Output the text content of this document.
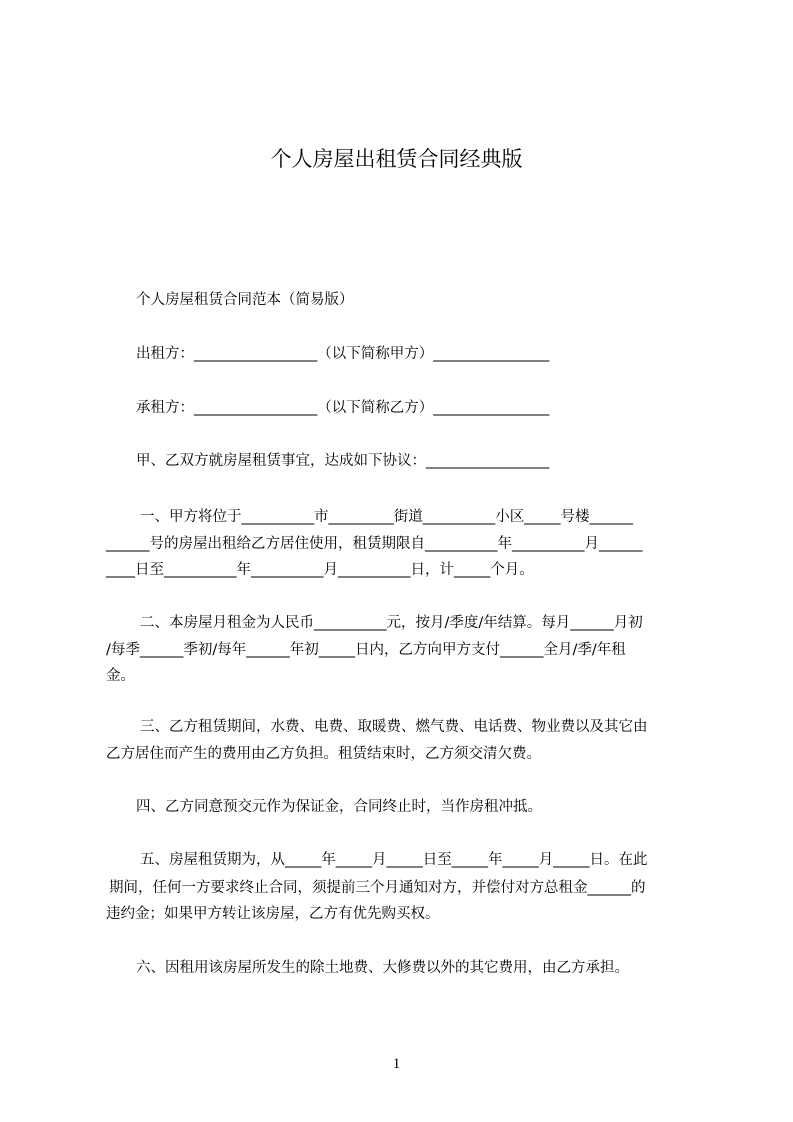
个人房屋出租赁合同经典版
个人房屋租赁合同范本（简易版）
出租方：_________________（以下简称甲方）________________
承租方：_________________（以下简称乙方）________________
甲、乙双方就房屋租赁事宜，达成如下协议：_________________
一、甲方将位于__________市_________街道__________小区_____号楼______
______号的房屋出租给乙方居住使用，租赁期限自__________年__________月______
____日至__________年__________月__________日，计_____个月。
二、本房屋月租金为人民币__________元，按月/季度/年结算。每月______月初
/每季______季初/每年______年初_____日内，乙方向甲方支付______全月/季/年租
金。
三、乙方租赁期间，水费、电费、取暖费、燃气费、电话费、物业费以及其它由
乙方居住而产生的费用由乙方负担。租赁结束时，乙方须交清欠费。
四、乙方同意预交元作为保证金，合同终止时，当作房租冲抵。
五、房屋租赁期为，从_____年_____月_____日至_____年_____月_____日。在此
期间，任何一方要求终止合同，须提前三个月通知对方，并偿付对方总租金______的
违约金；如果甲方转让该房屋，乙方有优先购买权。
六、因租用该房屋所发生的除土地费、大修费以外的其它费用，由乙方承担。
1
